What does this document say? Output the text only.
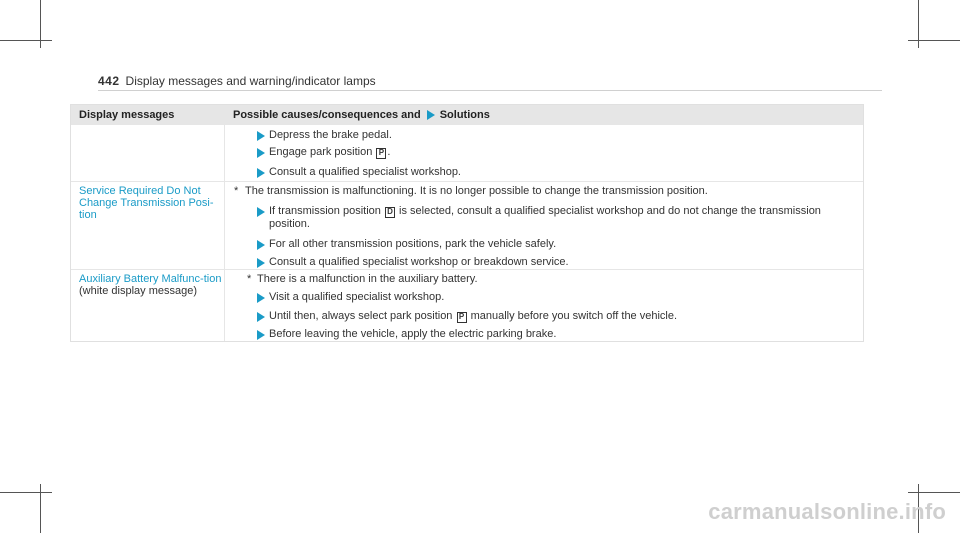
442 Display messages and warning/indicator lamps
Display messages	Possible causes/consequences and Solutions
Depress the brake pedal.
Engage park position P .
Consult a qualified specialist workshop.
Service Required Do Not Change Transmission Posi-tion
* The transmission is malfunctioning. It is no longer possible to change the transmission position.
If transmission position D is selected, consult a qualified specialist workshop and do not change the transmission position.
For all other transmission positions, park the vehicle safely.
Consult a qualified specialist workshop or breakdown service.
Auxiliary Battery Malfunc-tion (white display message)
* There is a malfunction in the auxiliary battery.
Visit a qualified specialist workshop.
Until then, always select park position P manually before you switch off the vehicle.
Before leaving the vehicle, apply the electric parking brake.
carmanualsonline.info
